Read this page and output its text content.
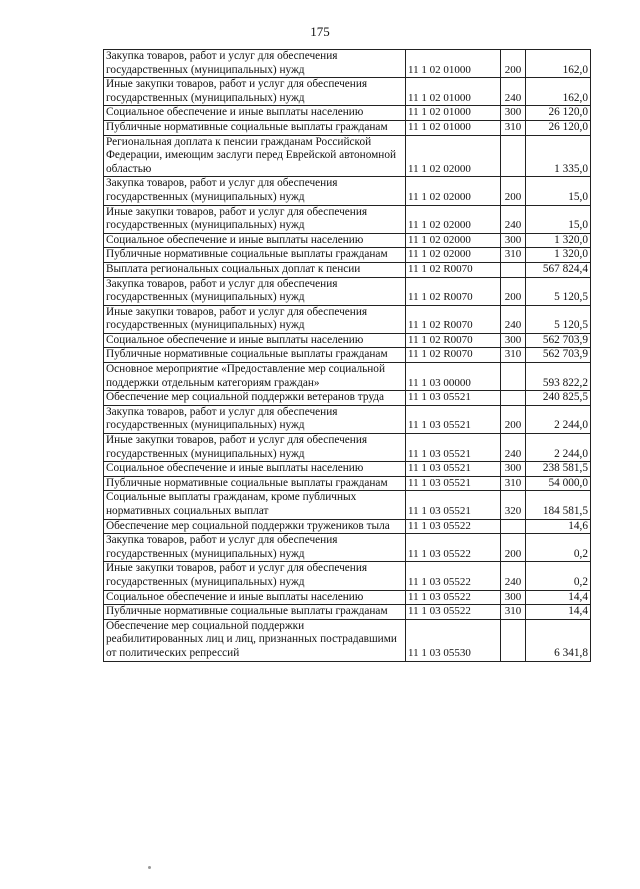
175
Закупка товаров, работ и услуг для обеспечения государственных (муниципальных) нужд	11 1 02 01000	200	162,0
Иные закупки товаров, работ и услуг для обеспечения государственных (муниципальных) нужд	11 1 02 01000	240	162,0
Социальное обеспечение и иные выплаты населению	11 1 02 01000	300	26 120,0
Публичные нормативные социальные выплаты гражданам	11 1 02 01000	310	26 120,0
Региональная доплата к пенсии гражданам Российской Федерации, имеющим заслуги перед Еврейской автономной областью	11 1 02 02000		1 335,0
Закупка товаров, работ и услуг для обеспечения государственных (муниципальных) нужд	11 1 02 02000	200	15,0
Иные закупки товаров, работ и услуг для обеспечения государственных (муниципальных) нужд	11 1 02 02000	240	15,0
Социальное обеспечение и иные выплаты населению	11 1 02 02000	300	1 320,0
Публичные нормативные социальные выплаты гражданам	11 1 02 02000	310	1 320,0
Выплата региональных социальных доплат к пенсии	11 1 02 R0070		567 824,4
Закупка товаров, работ и услуг для обеспечения государственных (муниципальных) нужд	11 1 02 R0070	200	5 120,5
Иные закупки товаров, работ и услуг для обеспечения государственных (муниципальных) нужд	11 1 02 R0070	240	5 120,5
Социальное обеспечение и иные выплаты населению	11 1 02 R0070	300	562 703,9
Публичные нормативные социальные выплаты гражданам	11 1 02 R0070	310	562 703,9
Основное мероприятие «Предоставление мер социальной поддержки отдельным категориям граждан»	11 1 03 00000		593 822,2
Обеспечение мер социальной поддержки ветеранов труда	11 1 03 05521		240 825,5
Закупка товаров, работ и услуг для обеспечения государственных (муниципальных) нужд	11 1 03 05521	200	2 244,0
Иные закупки товаров, работ и услуг для обеспечения государственных (муниципальных) нужд	11 1 03 05521	240	2 244,0
Социальное обеспечение и иные выплаты населению	11 1 03 05521	300	238 581,5
Публичные нормативные социальные выплаты гражданам	11 1 03 05521	310	54 000,0
Социальные выплаты гражданам, кроме публичных нормативных социальных выплат	11 1 03 05521	320	184 581,5
Обеспечение мер социальной поддержки тружеников тыла	11 1 03 05522		14,6
Закупка товаров, работ и услуг для обеспечения государственных (муниципальных) нужд	11 1 03 05522	200	0,2
Иные закупки товаров, работ и услуг для обеспечения государственных (муниципальных) нужд	11 1 03 05522	240	0,2
Социальное обеспечение и иные выплаты населению	11 1 03 05522	300	14,4
Публичные нормативные социальные выплаты гражданам	11 1 03 05522	310	14,4
Обеспечение мер социальной поддержки реабилитированных лиц и лиц, признанных пострадавшими от политических репрессий	11 1 03 05530		6 341,8
